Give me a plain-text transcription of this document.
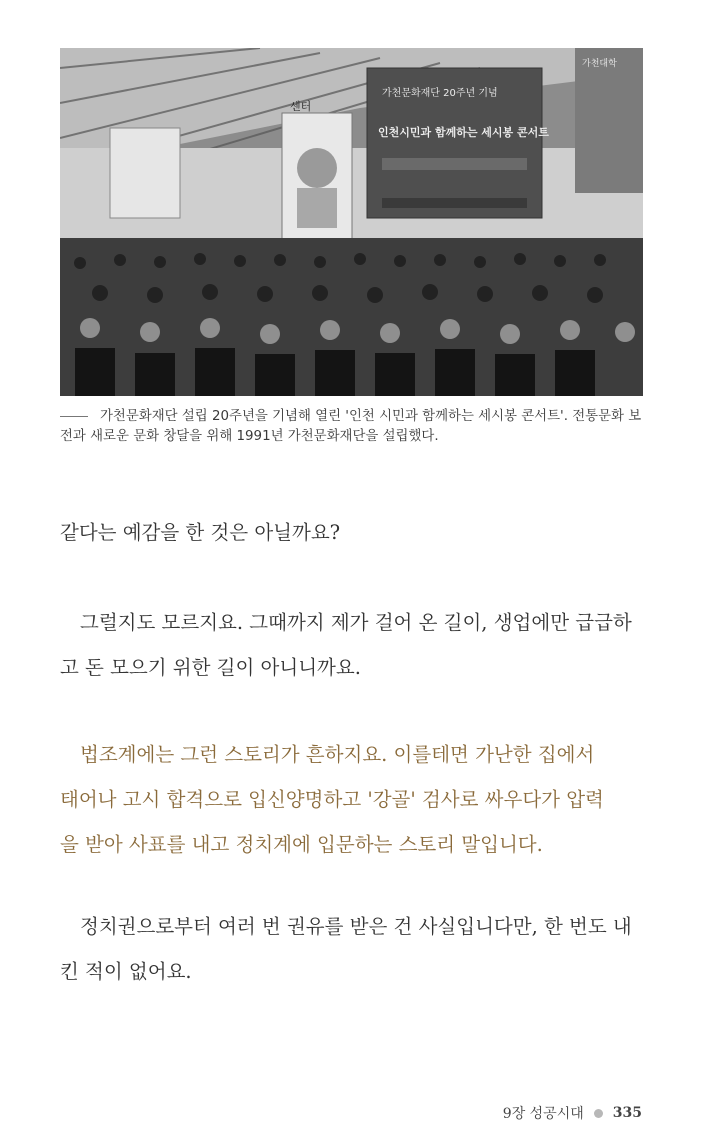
센터
가천문화재단 20주년 기념
인천시민과 함께하는 세시봉 콘서트
가천대학
가천문화재단 설립 20주년을 기념해 열린 '인천 시민과 함께하는 세시봉 콘서트'. 전통문화 보전과 새로운 문화 창달을 위해 1991년 가천문화재단을 설립했다.
같다는 예감을 한 것은 아닐까요?
그럴지도 모르지요. 그때까지 제가 걸어 온 길이, 생업에만 급급하
고 돈 모으기 위한 길이 아니니까요.
법조계에는 그런 스토리가 흔하지요. 이를테면 가난한 집에서
태어나 고시 합격으로 입신양명하고 '강골' 검사로 싸우다가 압력
을 받아 사표를 내고 정치계에 입문하는 스토리 말입니다.
정치권으로부터 여러 번 권유를 받은 건 사실입니다만, 한 번도 내
킨 적이 없어요.
9장 성공시대 335
